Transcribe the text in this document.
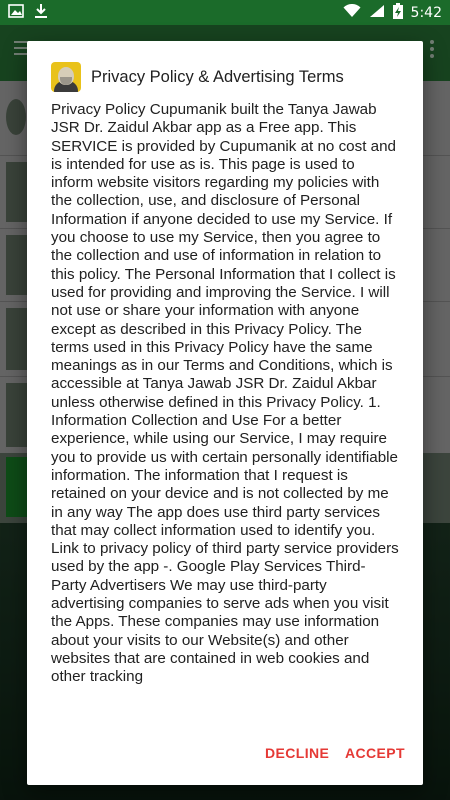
5:42
Privacy Policy & Advertising Terms

Privacy Policy Cupumanik built the Tanya Jawab JSR Dr. Zaidul Akbar app as a Free app. This SERVICE is provided by Cupumanik at no cost and is intended for use as is. This page is used to inform website visitors regarding my policies with the collection, use, and disclosure of Personal Information if anyone decided to use my Service. If you choose to use my Service, then you agree to the collection and use of information in relation to this policy. The Personal Information that I collect is used for providing and improving the Service. I will not use or share your information with anyone except as described in this Privacy Policy. The terms used in this Privacy Policy have the same meanings as in our Terms and Conditions, which is accessible at Tanya Jawab JSR Dr. Zaidul Akbar unless otherwise defined in this Privacy Policy. 1. Information Collection and Use For a better experience, while using our Service, I may require you to provide us with certain personally identifiable information. The information that I request is retained on your device and is not collected by me in any way The app does use third party services that may collect information used to identify you. Link to privacy policy of third party service providers used by the app -. Google Play Services Third-Party Advertisers We may use third-party advertising companies to serve ads when you visit the Apps. These companies may use information about your visits to our Website(s) and other websites that are contained in web cookies and other tracking

DECLINE ACCEPT
